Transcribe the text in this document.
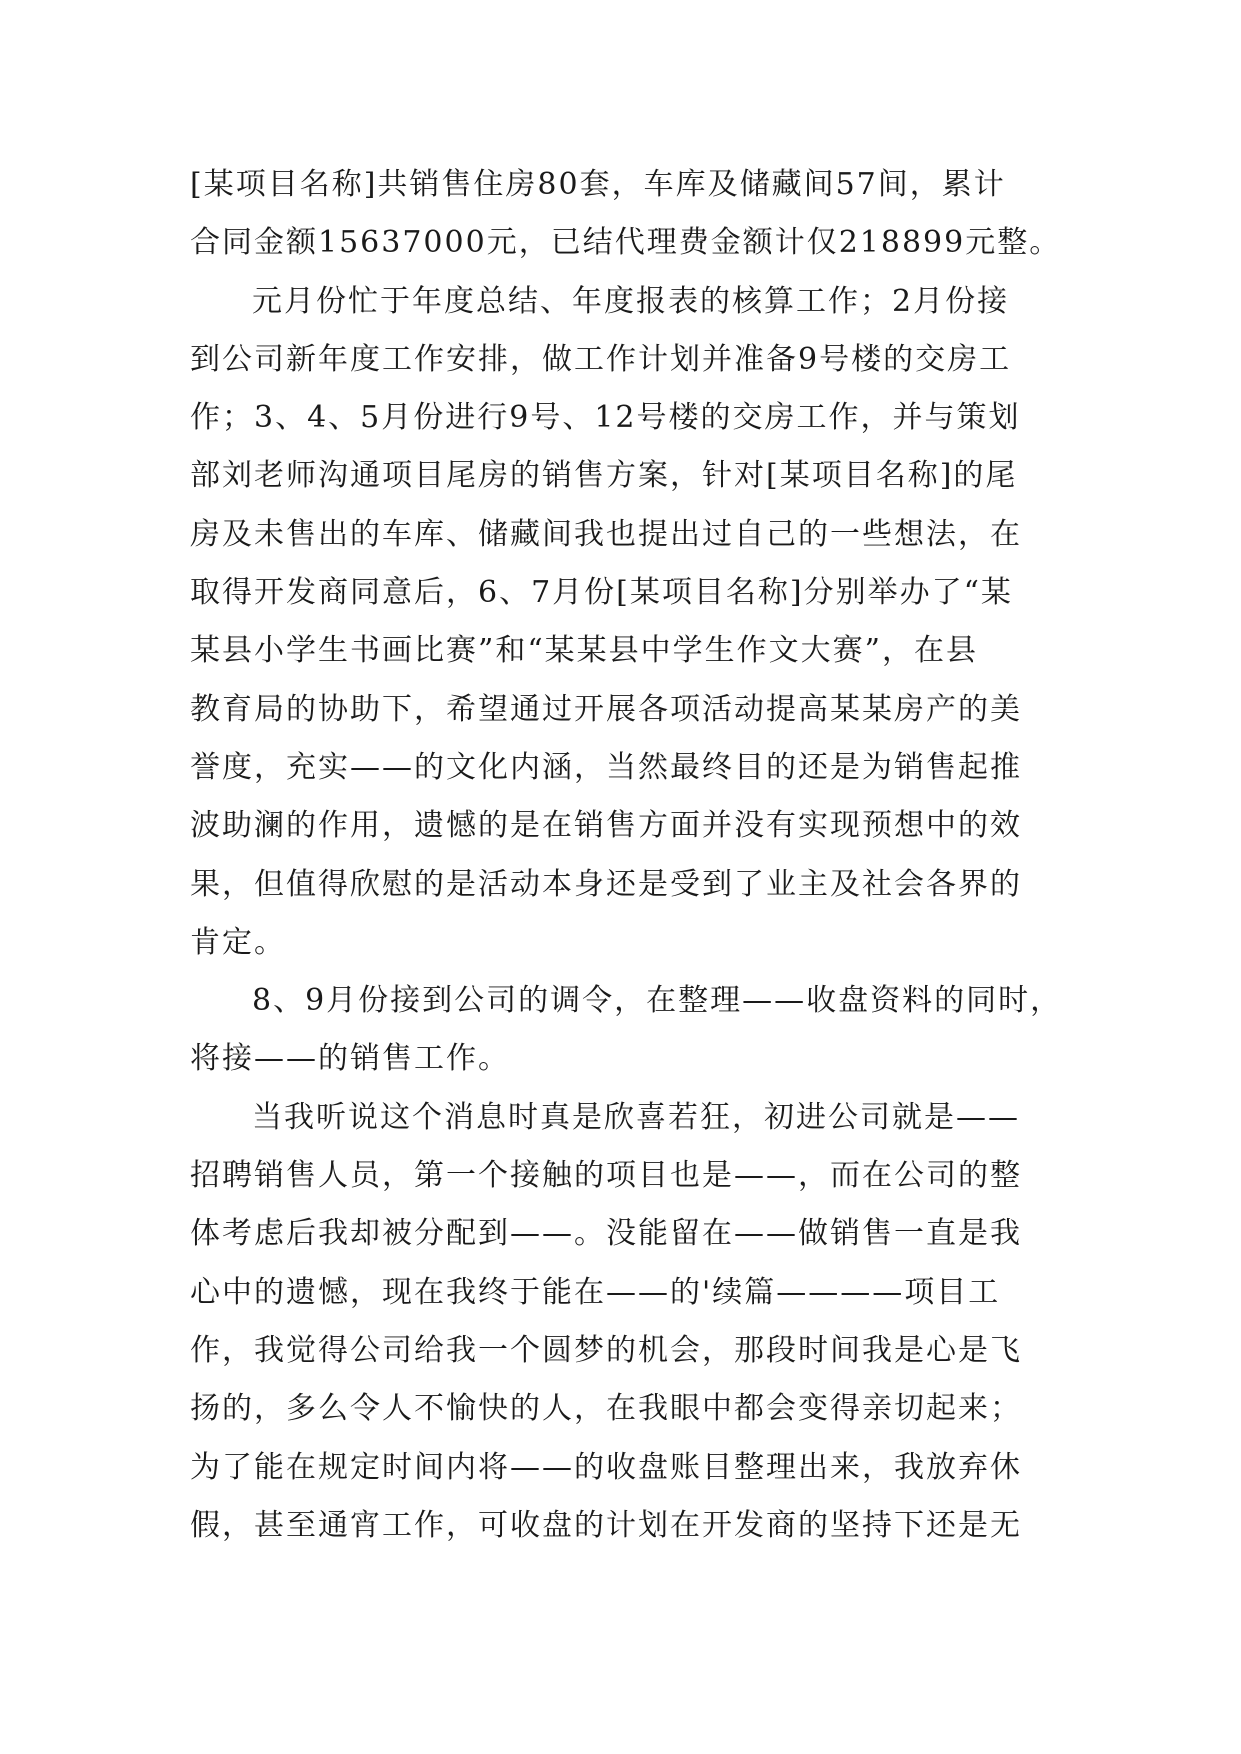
[某项目名称]共销售住房80套，车库及储藏间57间，累计
合同金额15637000元，已结代理费金额计仅218899元整。
元月份忙于年度总结、年度报表的核算工作；2月份接
到公司新年度工作安排，做工作计划并准备9号楼的交房工
作；3、4、5月份进行9号、12号楼的交房工作，并与策划
部刘老师沟通项目尾房的销售方案，针对[某项目名称]的尾
房及未售出的车库、储藏间我也提出过自己的一些想法，在
取得开发商同意后，6、7月份[某项目名称]分别举办了“某
某县小学生书画比赛”和“某某县中学生作文大赛”，在县
教育局的协助下，希望通过开展各项活动提高某某房产的美
誉度，充实——的文化内涵，当然最终目的还是为销售起推
波助澜的作用，遗憾的是在销售方面并没有实现预想中的效
果，但值得欣慰的是活动本身还是受到了业主及社会各界的
肯定。
8、9月份接到公司的调令，在整理——收盘资料的同时，
将接——的销售工作。
当我听说这个消息时真是欣喜若狂，初进公司就是——
招聘销售人员，第一个接触的项目也是——，而在公司的整
体考虑后我却被分配到——。没能留在——做销售一直是我
心中的遗憾，现在我终于能在——的'续篇————项目工
作，我觉得公司给我一个圆梦的机会，那段时间我是心是飞
扬的，多么令人不愉快的人，在我眼中都会变得亲切起来；
为了能在规定时间内将——的收盘账目整理出来，我放弃休
假，甚至通宵工作，可收盘的计划在开发商的坚持下还是无
